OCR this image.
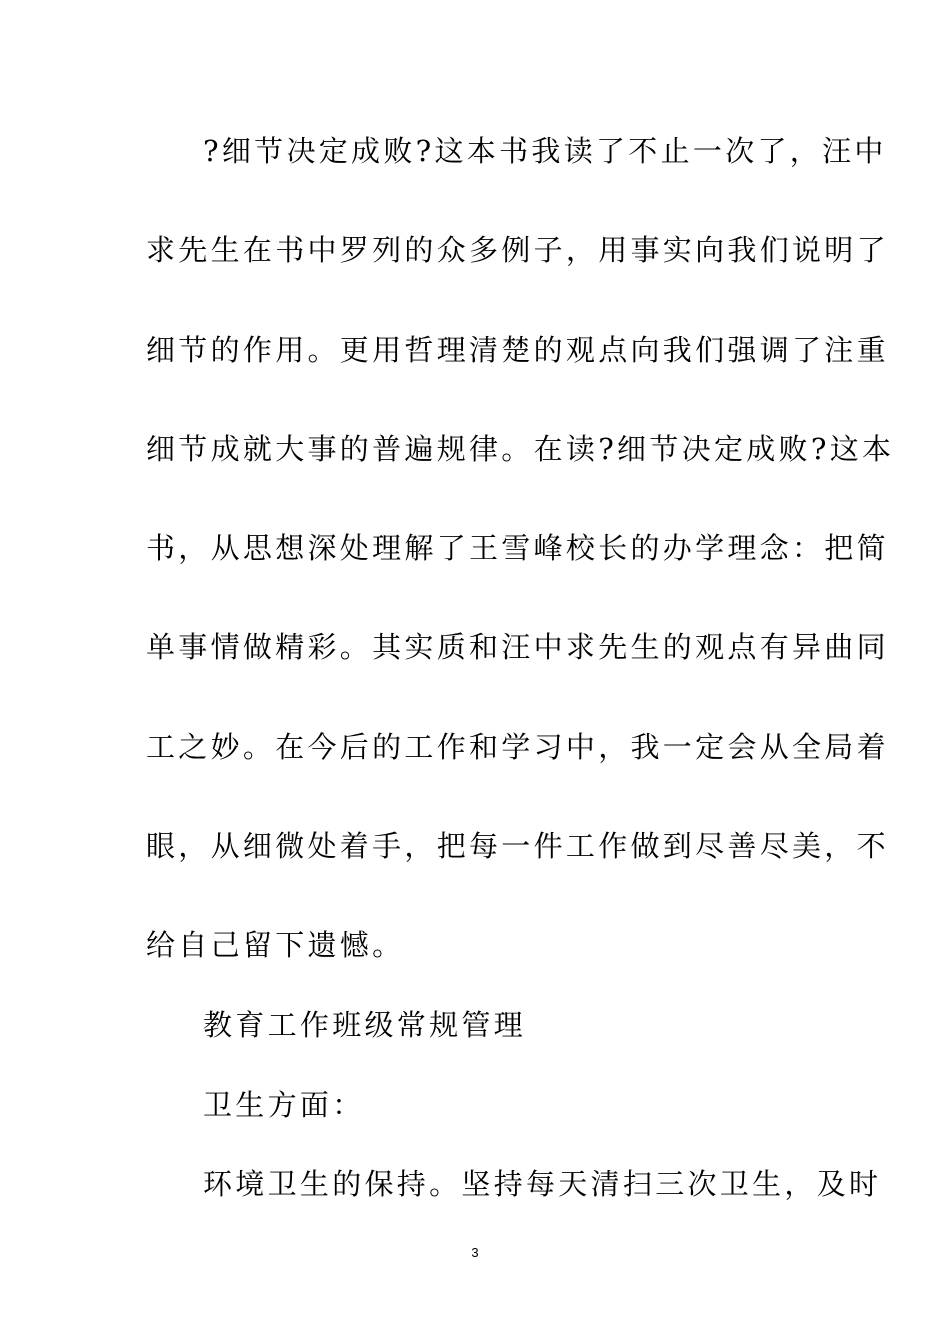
?细节决定成败?这本书我读了不止一次了，汪中
求先生在书中罗列的众多例子，用事实向我们说明了
细节的作用。更用哲理清楚的观点向我们强调了注重
细节成就大事的普遍规律。在读?细节决定成败?这本
书，从思想深处理解了王雪峰校长的办学理念：把简
单事情做精彩。其实质和汪中求先生的观点有异曲同
工之妙。在今后的工作和学习中，我一定会从全局着
眼，从细微处着手，把每一件工作做到尽善尽美，不
给自己留下遗憾。
教育工作班级常规管理
卫生方面：
环境卫生的保持。坚持每天清扫三次卫生，及时
3
